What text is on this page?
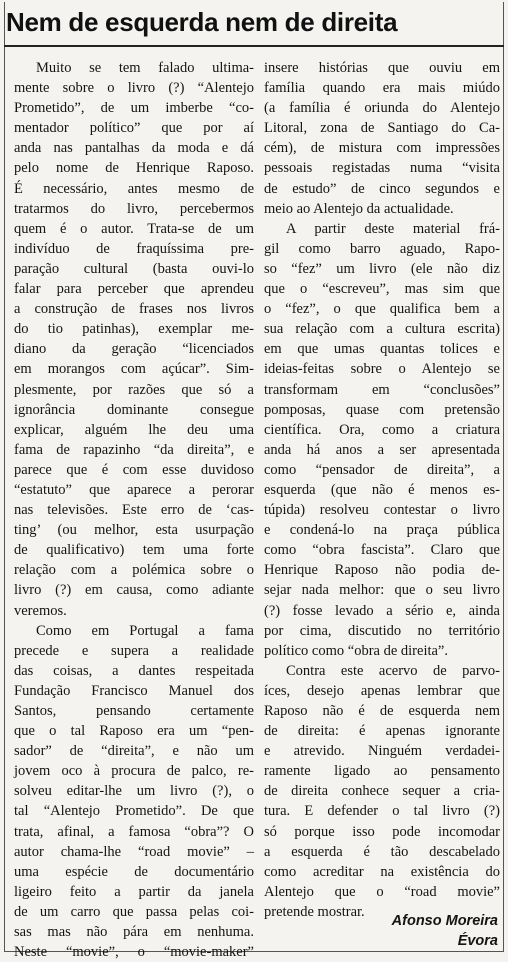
Nem de esquerda nem de direita
Muito se tem falado ultima-
mente sobre o livro (?) “Alentejo
Prometido”, de um imberbe “co-
mentador político” que por aí
anda nas pantalhas da moda e dá
pelo nome de Henrique Raposo.
É necessário, antes mesmo de
tratarmos do livro, percebermos
quem é o autor. Trata-se de um
indivíduo de fraquíssima pre-
paração cultural (basta ouvi-lo
falar para perceber que aprendeu
a construção de frases nos livros
do tio patinhas), exemplar me-
diano da geração “licenciados
em morangos com açúcar”. Sim-
plesmente, por razões que só a
ignorância dominante consegue
explicar, alguém lhe deu uma
fama de rapazinho “da direita”, e
parece que é com esse duvidoso
“estatuto” que aparece a perorar
nas televisões. Este erro de ‘cas-
ting’ (ou melhor, esta usurpação
de qualificativo) tem uma forte
relação com a polémica sobre o
livro (?) em causa, como adiante
veremos.
Como em Portugal a fama
precede e supera a realidade
das coisas, a dantes respeitada
Fundação Francisco Manuel dos
Santos, pensando certamente
que o tal Raposo era um “pen-
sador” de “direita”, e não um
jovem oco à procura de palco, re-
solveu editar-lhe um livro (?), o
tal “Alentejo Prometido”. De que
trata, afinal, a famosa “obra”? O
autor chama-lhe “road movie” –
uma espécie de documentário
ligeiro feito a partir da janela
de um carro que passa pelas coi-
sas mas não pára em nenhuma.
Neste “movie”, o “movie-maker”
insere histórias que ouviu em
família quando era mais miúdo
(a família é oriunda do Alentejo
Litoral, zona de Santiago do Ca-
cém), de mistura com impressões
pessoais registadas numa “visita
de estudo” de cinco segundos e
meio ao Alentejo da actualidade.
A partir deste material frá-
gil como barro aguado, Rapo-
so “fez” um livro (ele não diz
que o “escreveu”, mas sim que
o “fez”, o que qualifica bem a
sua relação com a cultura escrita)
em que umas quantas tolices e
ideias-feitas sobre o Alentejo se
transformam em “conclusões”
pomposas, quase com pretensão
científica. Ora, como a criatura
anda há anos a ser apresentada
como “pensador de direita”, a
esquerda (que não é menos es-
túpida) resolveu contestar o livro
e condená-lo na praça pública
como “obra fascista”. Claro que
Henrique Raposo não podia de-
sejar nada melhor: que o seu livro
(?) fosse levado a sério e, ainda
por cima, discutido no território
político como “obra de direita”.
Contra este acervo de parvo-
íces, desejo apenas lembrar que
Raposo não é de esquerda nem
de direita: é apenas ignorante
e atrevido. Ninguém verdadei-
ramente ligado ao pensamento
de direita conhece sequer a cria-
tura. E defender o tal livro (?)
só porque isso pode incomodar
a esquerda é tão descabelado
como acreditar na existência do
Alentejo que o “road movie”
pretende mostrar.
Afonso Moreira
Évora
